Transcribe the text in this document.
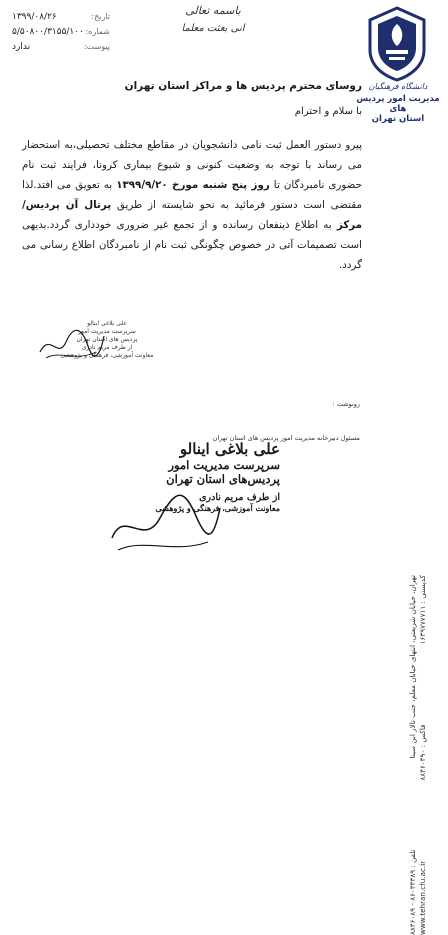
تاریخ:
۱۳۹۹/۰۸/۲۶
شماره:
۵/۵۰۸۰۰/۳۱۵۵/۱۰۰
پیوست:
ندارد
باسمه تعالی
انی بعثت معلما
دانشگاه فرهنگیان
مدیریت امور پردیس های
استان تهران
تهران، خیابان شریعتی، انتهای خیابان معلم، جنب تالار ابن سینا
تلفن : ۸۶۰۳۴۳۸۹ - ۸۸۴۶۰۸۹
کدپستی : ۱۶۳۹۷۷۷۷۱۱
فاکس : ۸۸۴۶۰۴۹۰
www.tehran.cfu.ac.ir
روسای محترم پردیس ها و مراکز استان تهران
با سلام و احترام
پیرو دستور العمل ثبت نامی دانشجویان در مقاطع مختلف تحصیلی،به استحضار می رساند با توجه به وضعیت کنونی و شیوع بیماری کرونا، فرایند ثبت نام حضوری نامبردگان تا روز پنج شنبه مورخ ۱۳۹۹/۹/۲۰ به تعویق می افتد.لذا مقتضی است دستور فرمائید به نحو شایسته از طریق پرتال آن پردیس/ مرکز به اطلاع ذینفعان رسانده و از تجمع غیر ضروری خودداری گردد.بدیهی است تصمیمات آتی در خصوص چگونگی ثبت نام از نامبردگان اطلاع رسانی می گردد.
علی بلاغی اینالو
سرپرست مدیریت امور
پردیس های استان تهران
از طرف مریم نادری
معاونت آموزشی، فرهنگی و پژوهشی
رونوشت :
مسئول دبیرخانه مدیریت امور پردیس های استان تهران
علی بلاغی اینالو
سرپرست مدیریت امور
پردیس‌های استان تهران
از طرف مریم نادری
معاونت آموزشی، فرهنگی و پژوهشی
